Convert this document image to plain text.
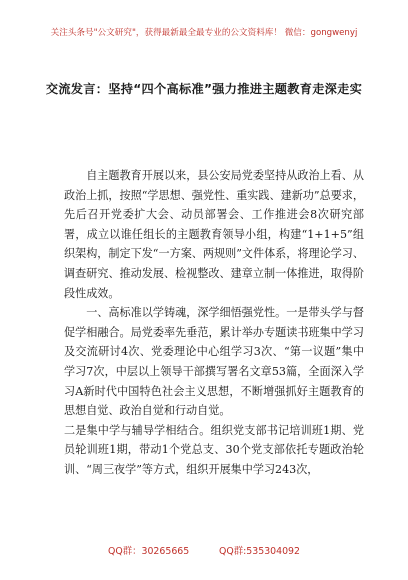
关注头条号"公文研究"，获得最新最全最专业的公文资料库！ 微信：gongwenyj
交流发言：坚持“四个高标准”强力推进主题教育走深走实

自主题教育开展以来，县公安局党委坚持从政治上看、从政治上抓，按照“学思想、强党性、重实践、建新功”总要求，先后召开党委扩大会、动员部署会、工作推进会8次研究部署，成立以谁任组长的主题教育领导小组，构建“1+1+5”组织架构，制定下发“一方案、两规则”文件体系，将理论学习、调查研究、推动发展、检视整改、建章立制一体推进，取得阶段性成效。

一、高标准以学铸魂，深学细悟强党性。一是带头学与督促学相融合。局党委率先垂范，累计举办专题读书班集中学习及交流研讨4次、党委理论中心组学习3次、“第一议题”集中学习7次，中层以上领导干部撰写署名文章53篇，全面深入学习A新时代中国特色社会主义思想，不断增强抓好主题教育的思想自觉、政治自觉和行动自觉。

二是集中学与辅导学相结合。组织党支部书记培训班1期、党员轮训班1期，带动1个党总支、30个党支部依托专题政治轮训、“周三夜学”等方式，组织开展集中学习243次，

QQ群：30265665          QQ群:535304092
